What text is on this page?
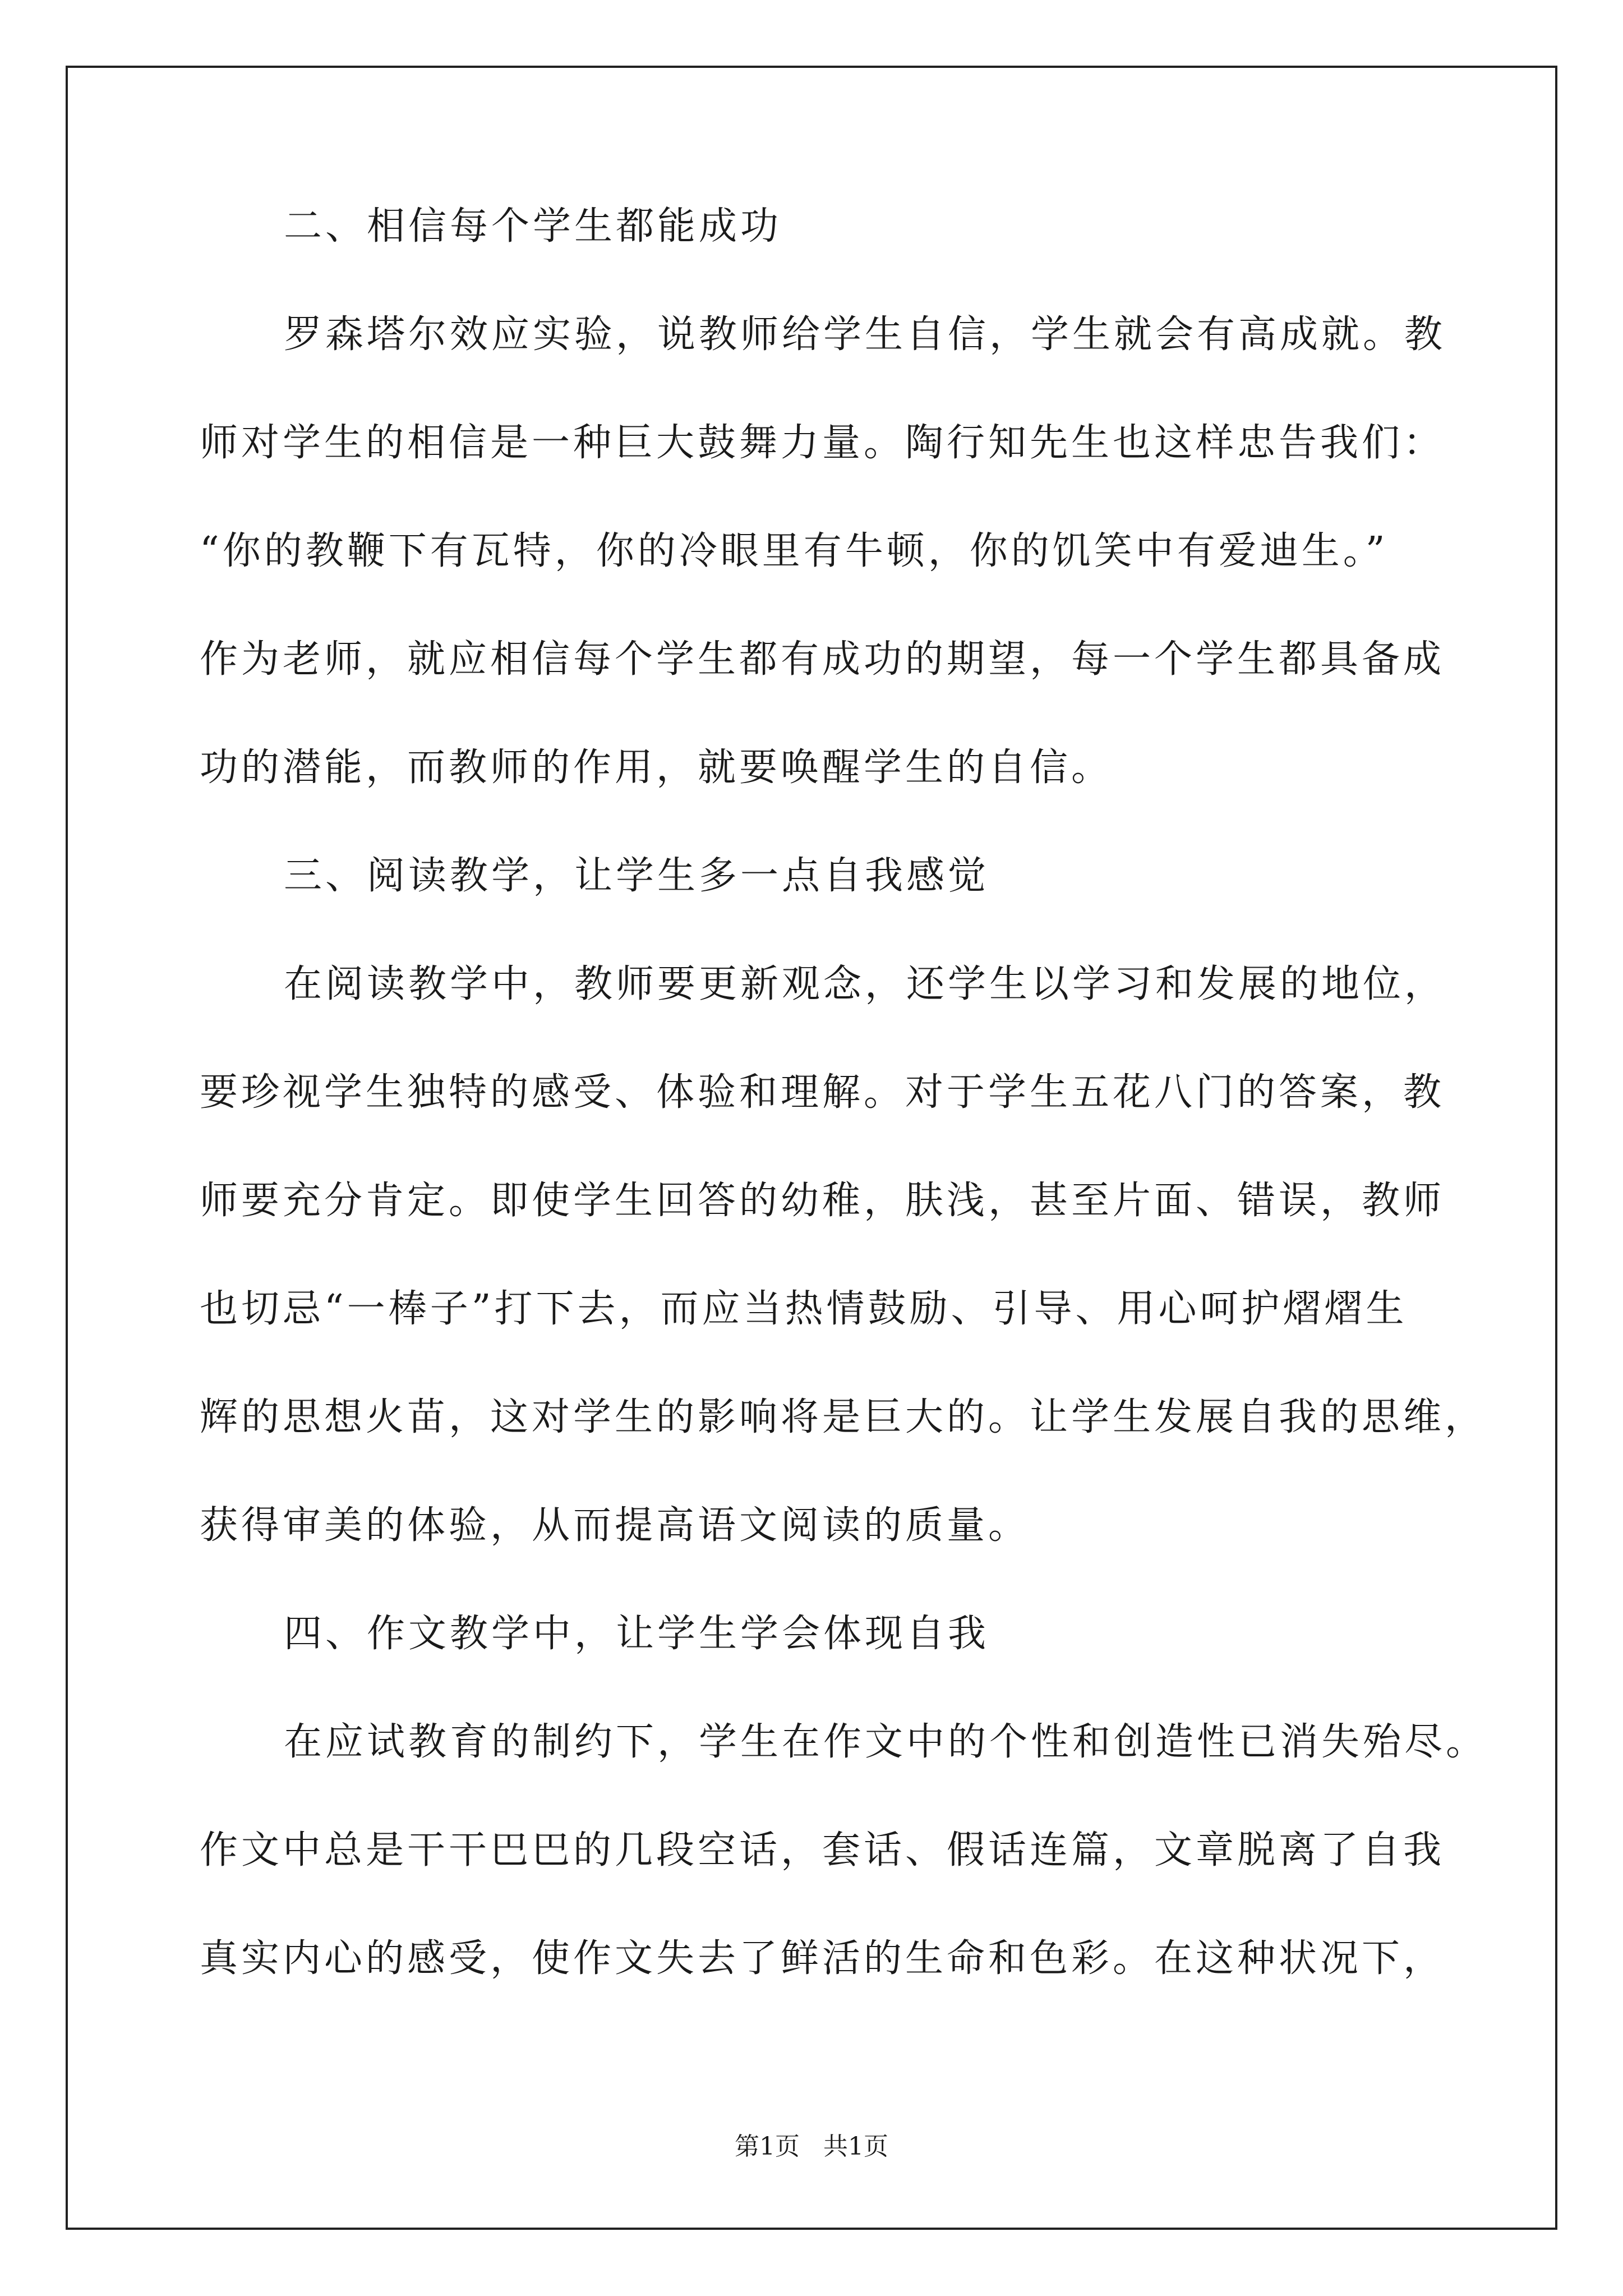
二、相信每个学生都能成功
罗森塔尔效应实验，说教师给学生自信，学生就会有高成就。教
师对学生的相信是一种巨大鼓舞力量。陶行知先生也这样忠告我们：
“你的教鞭下有瓦特，你的冷眼里有牛顿，你的饥笑中有爱迪生。”
作为老师，就应相信每个学生都有成功的期望，每一个学生都具备成
功的潜能，而教师的作用，就要唤醒学生的自信。
三、阅读教学，让学生多一点自我感觉
在阅读教学中，教师要更新观念，还学生以学习和发展的地位，
要珍视学生独特的感受、体验和理解。对于学生五花八门的答案，教
师要充分肯定。即使学生回答的幼稚，肤浅，甚至片面、错误，教师
也切忌“一棒子”打下去，而应当热情鼓励、引导、用心呵护熠熠生
辉的思想火苗，这对学生的影响将是巨大的。让学生发展自我的思维，
获得审美的体验，从而提高语文阅读的质量。
四、作文教学中，让学生学会体现自我
在应试教育的制约下，学生在作文中的个性和创造性已消失殆尽。
作文中总是干干巴巴的几段空话，套话、假话连篇，文章脱离了自我
真实内心的感受，使作文失去了鲜活的生命和色彩。在这种状况下，
第1页 共1页
